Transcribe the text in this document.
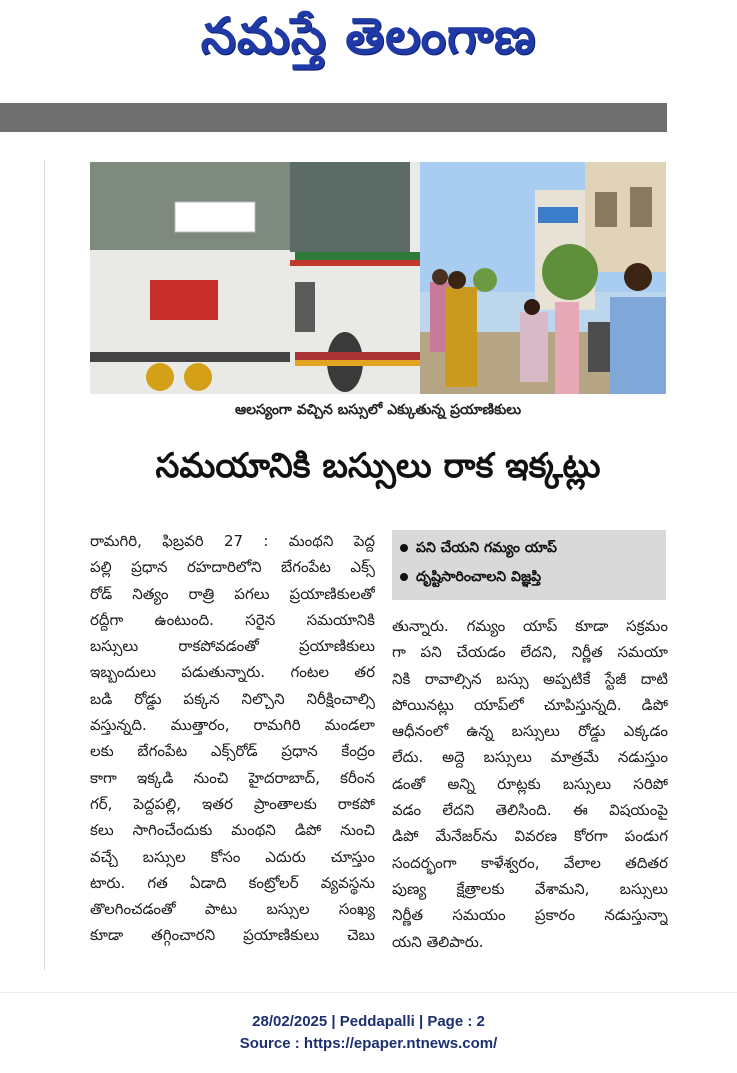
నమస్తే తెలంగాణ
ఆలస్యంగా వచ్చిన బస్సులో ఎక్కుతున్న ప్రయాణికులు
సమయానికి బస్సులు రాక ఇక్కట్లు
పని చేయని గమ్యం యాప్
దృష్టిసారించాలని విజ్ఞప్తి
రామగిరి, ఫిబ్రవరి 27 : మంథని పెద్ద
పల్లి ప్రధాన రహదారిలోని బేగంపేట ఎక్స్
రోడ్ నిత్యం రాత్రి పగలు ప్రయాణికులతో
రద్దీగా ఉంటుంది. సరైన సమయానికి
బస్సులు రాకపోవడంతో ప్రయాణికులు
ఇబ్బందులు పడుతున్నారు. గంటల తర
బడి రోడ్డు పక్కన నిల్చొని నిరీక్షించాల్సి
వస్తున్నది. ముత్తారం, రామగిరి మండలా
లకు బేగంపేట ఎక్స్‌రోడ్ ప్రధాన కేంద్రం
కాగా ఇక్కడి నుంచి హైదరాబాద్, కరీంన
గర్, పెద్దపల్లి, ఇతర ప్రాంతాలకు రాకపో
కలు సాగించేందుకు మంథని డిపో నుంచి
వచ్చే బస్సుల కోసం ఎదురు చూస్తుం
టారు. గత ఏడాది కంట్రోలర్ వ్యవస్థను
తొలగించడంతో పాటు బస్సుల సంఖ్య
కూడా తగ్గించారని ప్రయాణికులు చెబు
తున్నారు. గమ్యం యాప్ కూడా సక్రమం
గా పని చేయడం లేదని, నిర్ణీత సమయా
నికి రావాల్సిన బస్సు అప్పటికే స్టేజీ దాటి
పోయినట్లు యాప్‌లో చూపిస్తున్నది. డిపో
ఆధీనంలో ఉన్న బస్సులు రోడ్డు ఎక్కడం
లేదు. అద్దె బస్సులు మాత్రమే నడుస్తుం
డంతో అన్ని రూట్లకు బస్సులు సరిపో
వడం లేదని తెలిసింది. ఈ విషయంపై
డిపో మేనేజర్‌ను వివరణ కోరగా పండుగ
సందర్భంగా కాళేశ్వరం, వేలాల తదితర
పుణ్య క్షేత్రాలకు వేశామని, బస్సులు
నిర్ణీత సమయం ప్రకారం నడుస్తున్నా
యని తెలిపారు.
28/02/2025 | Peddapalli | Page : 2
Source : https://epaper.ntnews.com/
